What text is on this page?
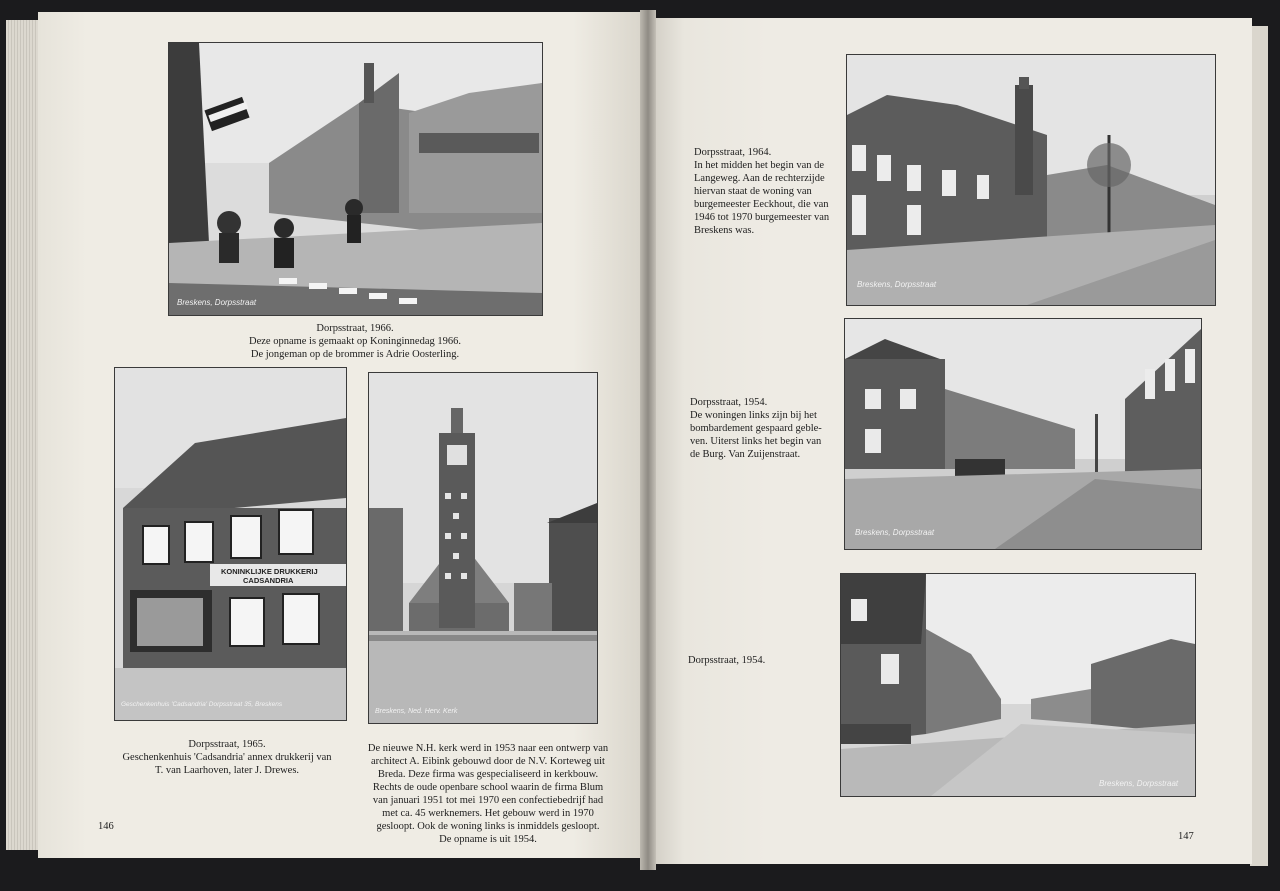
Breskens, Dorpsstraat
Dorpsstraat, 1966.
Deze opname is gemaakt op Koninginnedag 1966.
De jongeman op de brommer is Adrie Oosterling.
KONINKLIJKE DRUKKERIJ
CADSANDRIA
Geschenkenhuis 'Cadsandria' Dorpsstraat 35, Breskens
Dorpsstraat, 1965.
Geschenkenhuis 'Cadsandria' annex drukkerij van
T. van Laarhoven, later J. Drewes.
Breskens, Ned. Herv. Kerk
De nieuwe N.H. kerk werd in 1953 naar een ontwerp van
architect A. Eibink gebouwd door de N.V. Korteweg uit
Breda. Deze firma was gespecialiseerd in kerkbouw.
Rechts de oude openbare school waarin de firma Blum
van januari 1951 tot mei 1970 een confectiebedrijf had
met ca. 45 werknemers. Het gebouw werd in 1970
gesloopt. Ook de woning links is inmiddels gesloopt.
De opname is uit 1954.
146
Dorpsstraat, 1964.
In het midden het begin van de
Langeweg. Aan de rechterzijde
hiervan staat de woning van
burgemeester Eeckhout, die van
1946 tot 1970 burgemeester van
Breskens was.
Breskens, Dorpsstraat
Dorpsstraat, 1954.
De woningen links zijn bij het
bombardement gespaard geble-
ven. Uiterst links het begin van
de Burg. Van Zuijenstraat.
Breskens, Dorpsstraat
Dorpsstraat, 1954.
Breskens, Dorpsstraat
147
